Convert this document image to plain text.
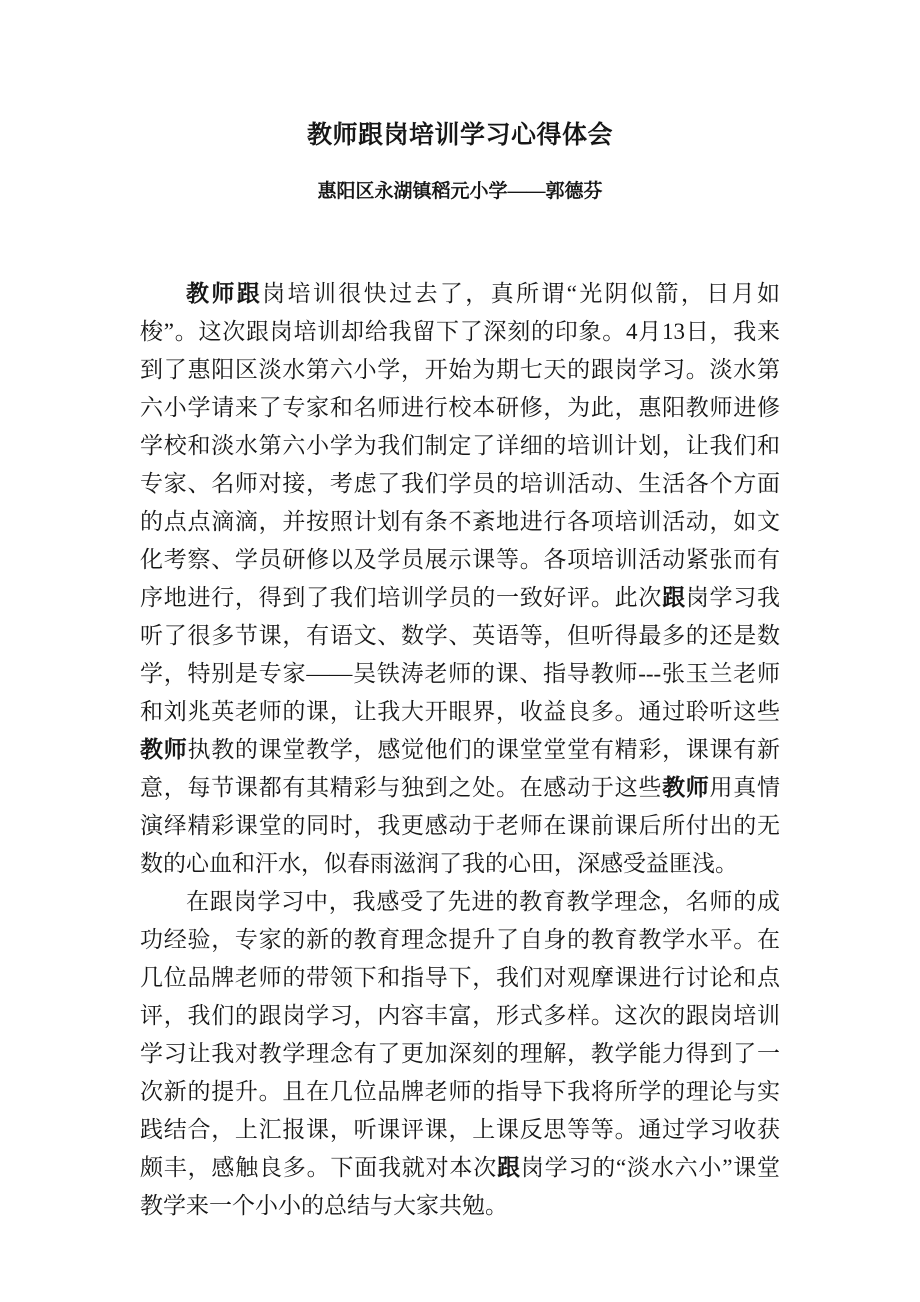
教师跟岗培训学习心得体会
惠阳区永湖镇稻元小学——郭德芬

教师跟岗培训很快过去了，真所谓“光阴似箭，日月如梭”。这次跟岗培训却给我留下了深刻的印象。4月13日，我来到了惠阳区淡水第六小学，开始为期七天的跟岗学习。淡水第六小学请来了专家和名师进行校本研修，为此，惠阳教师进修学校和淡水第六小学为我们制定了详细的培训计划，让我们和专家、名师对接，考虑了我们学员的培训活动、生活各个方面的点点滴滴，并按照计划有条不紊地进行各项培训活动，如文化考察、学员研修以及学员展示课等。各项培训活动紧张而有序地进行，得到了我们培训学员的一致好评。此次跟岗学习我听了很多节课，有语文、数学、英语等，但听得最多的还是数学，特别是专家——吴铁涛老师的课、指导教师---张玉兰老师和刘兆英老师的课，让我大开眼界，收益良多。通过聆听这些教师执教的课堂教学，感觉他们的课堂堂堂有精彩，课课有新意，每节课都有其精彩与独到之处。在感动于这些教师用真情演绎精彩课堂的同时，我更感动于老师在课前课后所付出的无数的心血和汗水，似春雨滋润了我的心田，深感受益匪浅。

在跟岗学习中，我感受了先进的教育教学理念，名师的成功经验，专家的新的教育理念提升了自身的教育教学水平。在几位品牌老师的带领下和指导下，我们对观摩课进行讨论和点评，我们的跟岗学习，内容丰富，形式多样。这次的跟岗培训学习让我对教学理念有了更加深刻的理解，教学能力得到了一次新的提升。且在几位品牌老师的指导下我将所学的理论与实践结合，上汇报课，听课评课，上课反思等等。通过学习收获颇丰，感触良多。下面我就对本次跟岗学习的“淡水六小”课堂教学来一个小小的总结与大家共勉。
